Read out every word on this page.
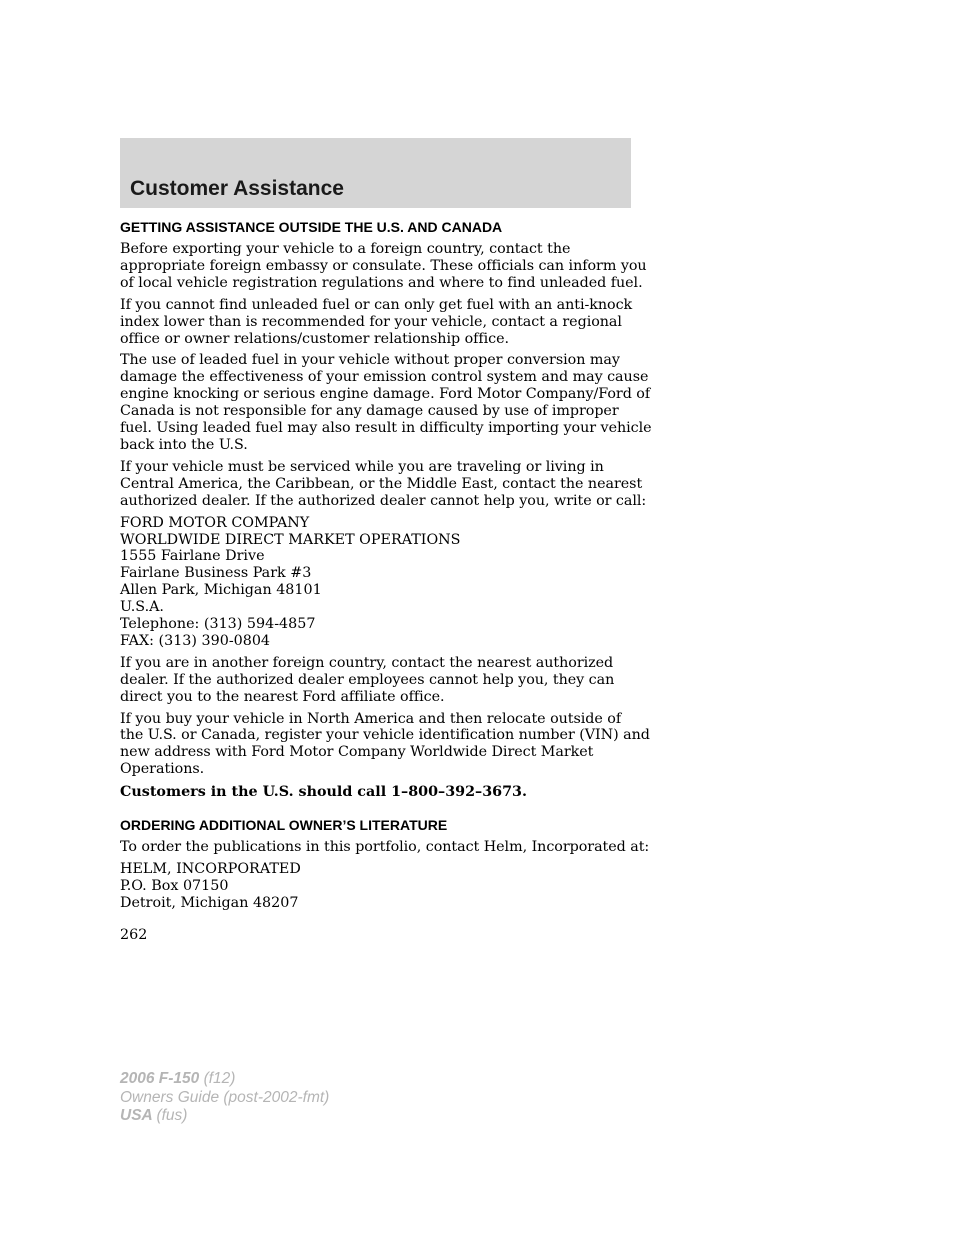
Customer Assistance
GETTING ASSISTANCE OUTSIDE THE U.S. AND CANADA

Before exporting your vehicle to a foreign country, contact the
appropriate foreign embassy or consulate. These officials can inform you
of local vehicle registration regulations and where to find unleaded fuel.

If you cannot find unleaded fuel or can only get fuel with an anti-knock
index lower than is recommended for your vehicle, contact a regional
office or owner relations/customer relationship office.

The use of leaded fuel in your vehicle without proper conversion may
damage the effectiveness of your emission control system and may cause
engine knocking or serious engine damage. Ford Motor Company/Ford of
Canada is not responsible for any damage caused by use of improper
fuel. Using leaded fuel may also result in difficulty importing your vehicle
back into the U.S.

If your vehicle must be serviced while you are traveling or living in
Central America, the Caribbean, or the Middle East, contact the nearest
authorized dealer. If the authorized dealer cannot help you, write or call:

FORD MOTOR COMPANY
WORLDWIDE DIRECT MARKET OPERATIONS
1555 Fairlane Drive
Fairlane Business Park #3
Allen Park, Michigan 48101
U.S.A.
Telephone: (313) 594-4857
FAX: (313) 390-0804

If you are in another foreign country, contact the nearest authorized
dealer. If the authorized dealer employees cannot help you, they can
direct you to the nearest Ford affiliate office.

If you buy your vehicle in North America and then relocate outside of
the U.S. or Canada, register your vehicle identification number (VIN) and
new address with Ford Motor Company Worldwide Direct Market
Operations.

Customers in the U.S. should call 1–800–392–3673.

ORDERING ADDITIONAL OWNER’S LITERATURE

To order the publications in this portfolio, contact Helm, Incorporated at:

HELM, INCORPORATED
P.O. Box 07150
Detroit, Michigan 48207

262

2006 F-150 (f12)
Owners Guide (post-2002-fmt)
USA (fus)
